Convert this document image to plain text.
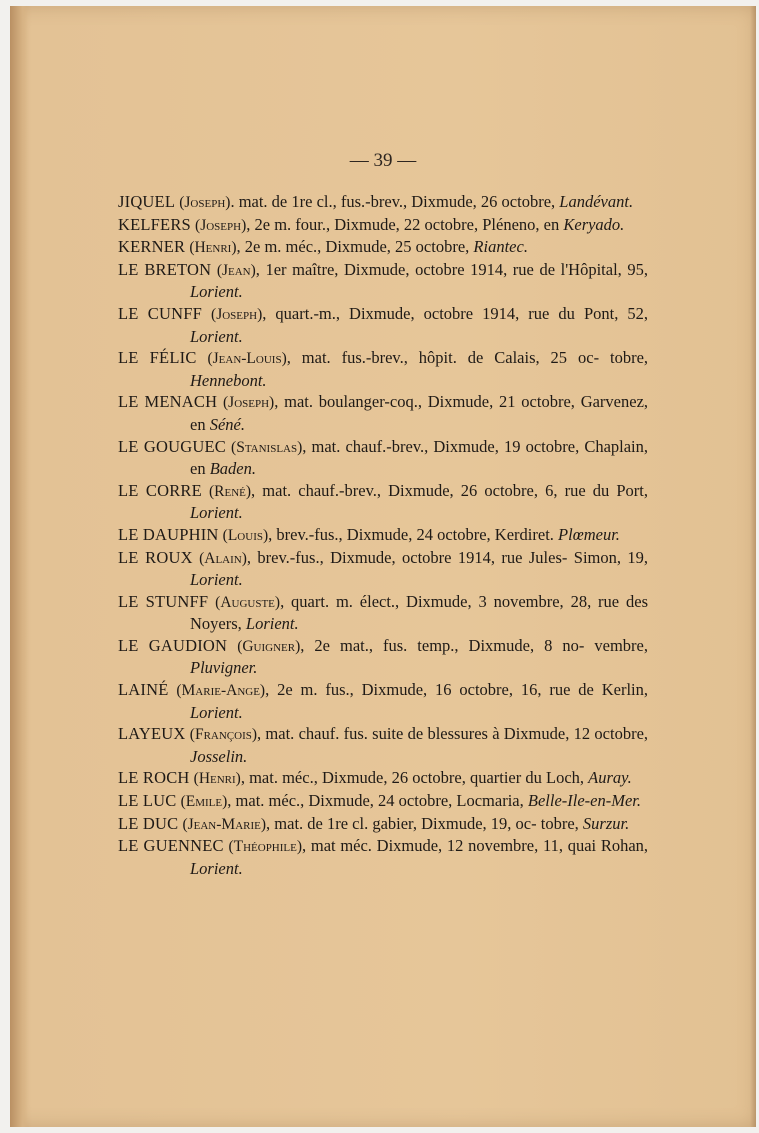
— 39 —

JIQUEL (Joseph). mat. de 1re cl., fus.-brev., Dixmude, 26 octobre, Landévant.

KELFERS (Joseph), 2e m. four., Dixmude, 22 octobre, Pléneno, en Keryado.

KERNER (Henri), 2e m. méc., Dixmude, 25 octobre, Riantec.

LE BRETON (Jean), 1er maître, Dixmude, octobre 1914, rue de l'Hôpital, 95, Lorient.

LE CUNFF (Joseph), quart.-m., Dixmude, octobre 1914, rue du Pont, 52, Lorient.

LE FÉLIC (Jean-Louis), mat. fus.-brev., hôpit. de Calais, 25 oc- tobre, Hennebont.

LE MENACH (Joseph), mat. boulanger-coq., Dixmude, 21 octobre, Garvenez, en Séné.

LE GOUGUEC (Stanislas), mat. chauf.-brev., Dixmude, 19 octobre, Chaplain, en Baden.

LE CORRE (René), mat. chauf.-brev., Dixmude, 26 octobre, 6, rue du Port, Lorient.

LE DAUPHIN (Louis), brev.-fus., Dixmude, 24 octobre, Kerdiret. Plœmeur.

LE ROUX (Alain), brev.-fus., Dixmude, octobre 1914, rue Jules- Simon, 19, Lorient.

LE STUNFF (Auguste), quart. m. élect., Dixmude, 3 novembre, 28, rue des Noyers, Lorient.

LE GAUDION (Guigner), 2e mat., fus. temp., Dixmude, 8 no- vembre, Pluvigner.

LAINÉ (Marie-Ange), 2e m. fus., Dixmude, 16 octobre, 16, rue de Kerlin, Lorient.

LAYEUX (François), mat. chauf. fus. suite de blessures à Dixmude, 12 octobre, Josselin.

LE ROCH (Henri), mat. méc., Dixmude, 26 octobre, quartier du Loch, Auray.

LE LUC (Emile), mat. méc., Dixmude, 24 octobre, Locmaria, Belle-Ile-en-Mer.

LE DUC (Jean-Marie), mat. de 1re cl. gabier, Dixmude, 19, oc- tobre, Surzur.

LE GUENNEC (Théophile), mat méc. Dixmude, 12 novembre, 11, quai Rohan, Lorient.
